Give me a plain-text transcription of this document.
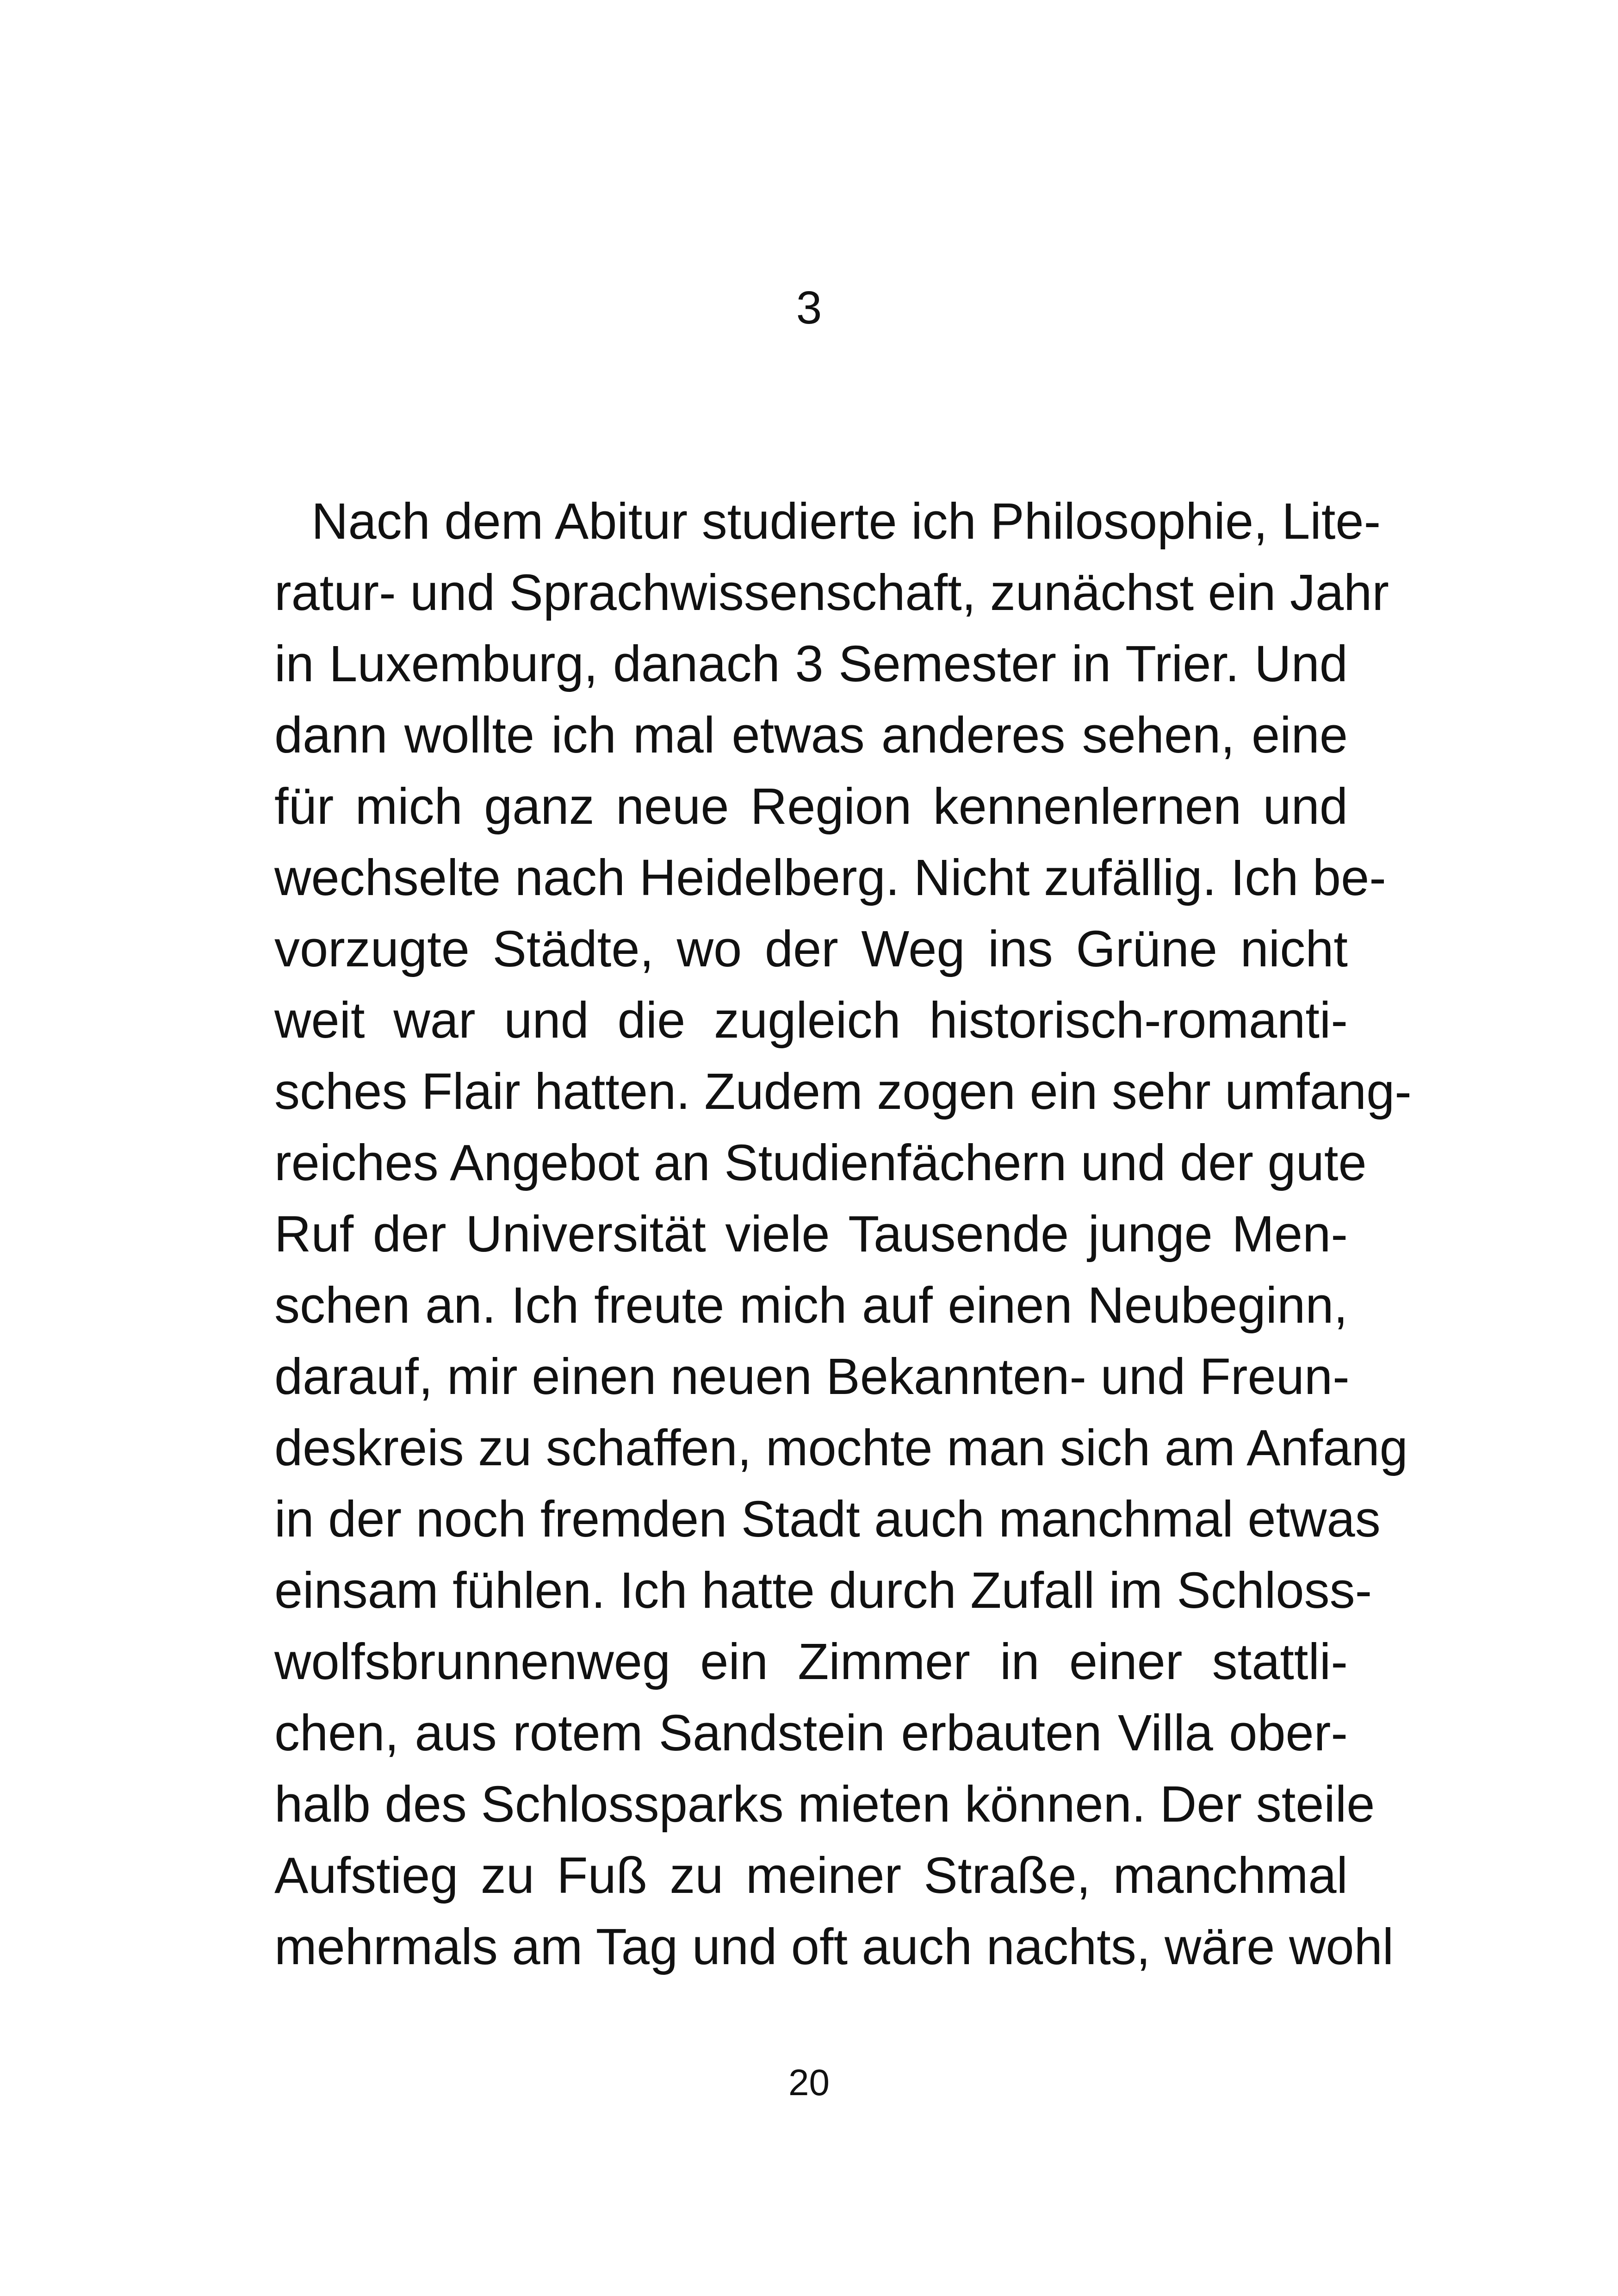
3
Nach dem Abitur studierte ich Philosophie, Lite-
ratur- und Sprachwissenschaft, zunächst ein Jahr
in Luxemburg, danach 3 Semester in Trier. Und
dann wollte ich mal etwas anderes sehen, eine
für mich ganz neue Region kennenlernen und
wechselte nach Heidelberg. Nicht zufällig. Ich be-
vorzugte Städte, wo der Weg ins Grüne nicht
weit war und die zugleich historisch-romanti-
sches Flair hatten. Zudem zogen ein sehr umfang-
reiches Angebot an Studienfächern und der gute
Ruf der Universität viele Tausende junge Men-
schen an. Ich freute mich auf einen Neubeginn,
darauf, mir einen neuen Bekannten- und Freun-
deskreis zu schaffen, mochte man sich am Anfang
in der noch fremden Stadt auch manchmal etwas
einsam fühlen. Ich hatte durch Zufall im Schloss-
wolfsbrunnenweg ein Zimmer in einer stattli-
chen, aus rotem Sandstein erbauten Villa ober-
halb des Schlossparks mieten können. Der steile
Aufstieg zu Fuß zu meiner Straße, manchmal
mehrmals am Tag und oft auch nachts, wäre wohl
20
